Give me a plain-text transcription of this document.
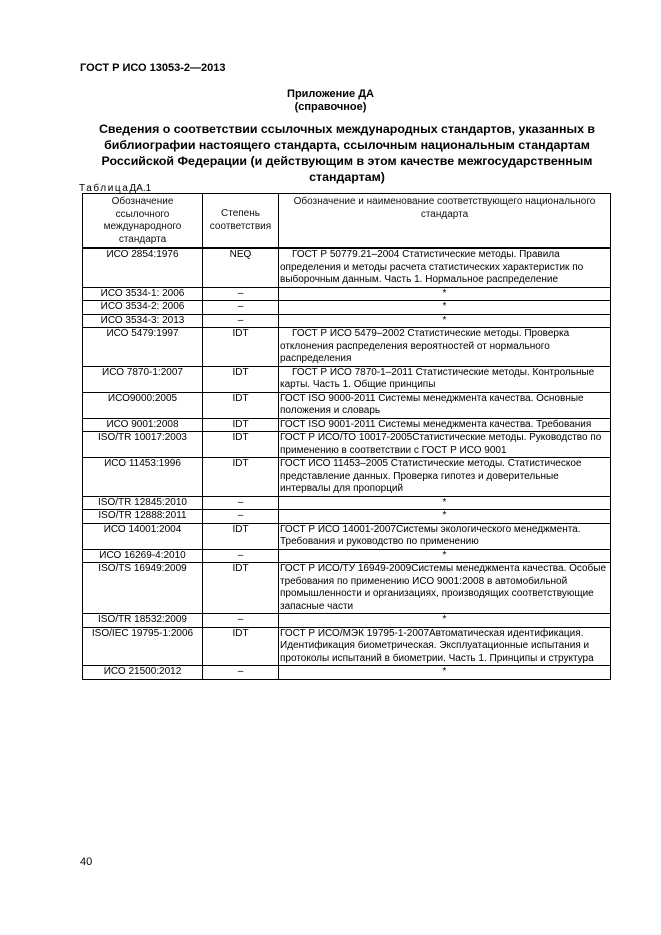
ГОСТ Р ИСО 13053-2—2013
Приложение ДА
(справочное)
Сведения о соответствии ссылочных международных стандартов, указанных в библиографии настоящего стандарта, ссылочным национальным стандартам Российской Федерации (и действующим в этом качестве межгосударственным стандартам)
ТаблицаДА.1
Обозначение ссылочного международного стандарта	Степень соответствия	Обозначение и наименование соответствующего национального стандарта
ИСО 2854:1976	NEQ	ГОСТ Р 50779.21–2004 Статистические методы. Правила определения и методы расчета статистических характеристик по выборочным данным. Часть 1. Нормальное распределение
ИСО 3534-1: 2006	–	*
ИСО 3534-2: 2006	–	*
ИСО 3534-3: 2013	–	*
ИСО 5479:1997	IDT	ГОСТ Р ИСО 5479–2002 Статистические методы. Проверка отклонения распределения вероятностей от нормального распределения
ИСО 7870-1:2007	IDT	ГОСТ Р ИСО 7870-1–2011 Статистические методы. Контрольные карты. Часть 1. Общие принципы
ИСО9000:2005	IDT	ГОСТ ISO 9000-2011 Системы менеджмента качества. Основные положения и словарь
ИСО 9001:2008	IDT	ГОСТ ISO 9001-2011 Системы менеджмента качества. Требования
ISO/TR 10017:2003	IDT	ГОСТ Р ИСО/ТО 10017-2005Статистические методы. Руководство по применению в соответствии с ГОСТ Р ИСО 9001
ИСО 11453:1996	IDT	ГОСТ ИСО 11453–2005 Статистические методы. Статистическое представление данных. Проверка гипотез и доверительные интервалы для пропорций
ISO/TR 12845:2010	–	*
ISO/TR 12888:2011	–	*
ИСО 14001:2004	IDT	ГОСТ Р ИСО 14001-2007Системы экологического менеджмента. Требования и руководство по применению
ИСО 16269-4:2010	–	*
ISO/TS 16949:2009	IDT	ГОСТ Р ИСО/ТУ 16949-2009Системы менеджмента качества. Особые требования по применению ИСО 9001:2008 в автомобильной промышленности и организациях, производящих соответствующие запасные части
ISO/TR 18532:2009	–	*
ISO/IEC 19795-1:2006	IDT	ГОСТ Р ИСО/МЭК 19795-1-2007Автоматическая идентификация. Идентификация биометрическая. Эксплуатационные испытания и протоколы испытаний в биометрии. Часть 1. Принципы и структура
ИСО 21500:2012	–	*
40
